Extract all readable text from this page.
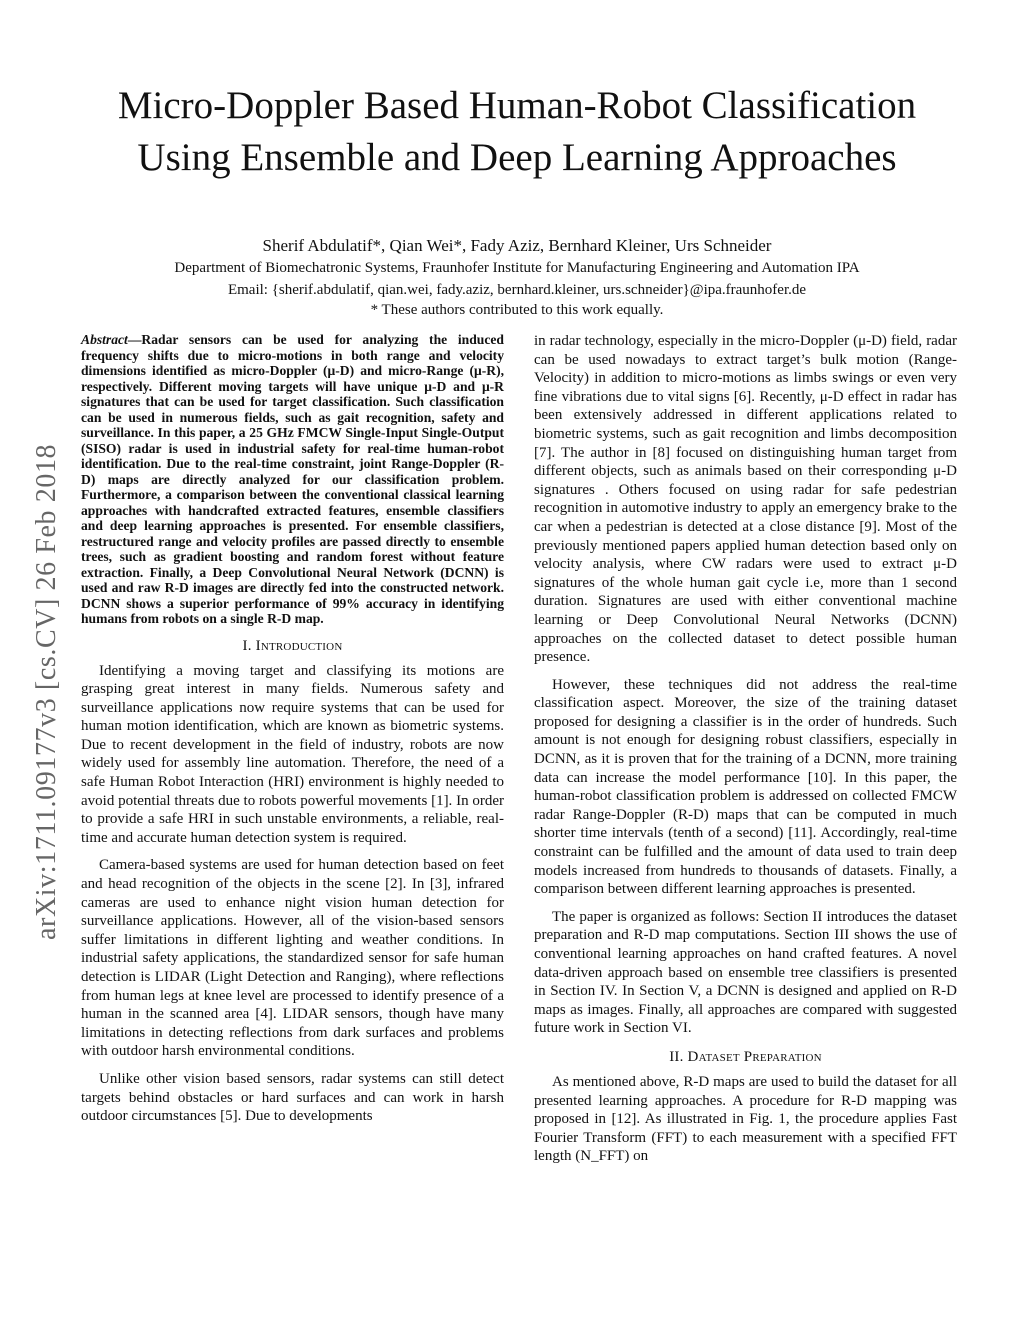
Micro-Doppler Based Human-Robot Classification
Using Ensemble and Deep Learning Approaches

Sherif Abdulatif*, Qian Wei*, Fady Aziz, Bernhard Kleiner, Urs Schneider

Department of Biomechatronic Systems, Fraunhofer Institute for Manufacturing Engineering and Automation IPA

Email: {sherif.abdulatif, qian.wei, fady.aziz, bernhard.kleiner, urs.schneider}@ipa.fraunhofer.de

* These authors contributed to this work equally.

arXiv:1711.09177v3 [cs.CV] 26 Feb 2018

Abstract—Radar sensors can be used for analyzing the induced frequency shifts due to micro-motions in both range and velocity dimensions identified as micro-Doppler (μ-D) and micro-Range (μ-R), respectively. Different moving targets will have unique μ-D and μ-R signatures that can be used for target classification. Such classification can be used in numerous fields, such as gait recognition, safety and surveillance. In this paper, a 25 GHz FMCW Single-Input Single-Output (SISO) radar is used in industrial safety for real-time human-robot identification. Due to the real-time constraint, joint Range-Doppler (R-D) maps are directly analyzed for our classification problem. Furthermore, a comparison between the conventional classical learning approaches with handcrafted extracted features, ensemble classifiers and deep learning approaches is presented. For ensemble classifiers, restructured range and velocity profiles are passed directly to ensemble trees, such as gradient boosting and random forest without feature extraction. Finally, a Deep Convolutional Neural Network (DCNN) is used and raw R-D images are directly fed into the constructed network. DCNN shows a superior performance of 99% accuracy in identifying humans from robots on a single R-D map.

I. Introduction

Identifying a moving target and classifying its motions are grasping great interest in many fields. Numerous safety and surveillance applications now require systems that can be used for human motion identification, which are known as biometric systems. Due to recent development in the field of industry, robots are now widely used for assembly line automation. Therefore, the need of a safe Human Robot Interaction (HRI) environment is highly needed to avoid potential threats due to robots powerful movements [1]. In order to provide a safe HRI in such unstable environments, a reliable, real-time and accurate human detection system is required.

Camera-based systems are used for human detection based on feet and head recognition of the objects in the scene [2]. In [3], infrared cameras are used to enhance night vision human detection for surveillance applications. However, all of the vision-based sensors suffer limitations in different lighting and weather conditions. In industrial safety applications, the standardized sensor for safe human detection is LIDAR (Light Detection and Ranging), where reflections from human legs at knee level are processed to identify presence of a human in the scanned area [4]. LIDAR sensors, though have many limitations in detecting reflections from dark surfaces and problems with outdoor harsh environmental conditions.

Unlike other vision based sensors, radar systems can still detect targets behind obstacles or hard surfaces and can work in harsh outdoor circumstances [5]. Due to developments

in radar technology, especially in the micro-Doppler (μ-D) field, radar can be used nowadays to extract target’s bulk motion (Range-Velocity) in addition to micro-motions as limbs swings or even very fine vibrations due to vital signs [6]. Recently, μ-D effect in radar has been extensively addressed in different applications related to biometric systems, such as gait recognition and limbs decomposition [7]. The author in [8] focused on distinguishing human target from different objects, such as animals based on their corresponding μ-D signatures . Others focused on using radar for safe pedestrian recognition in automotive industry to apply an emergency brake to the car when a pedestrian is detected at a close distance [9]. Most of the previously mentioned papers applied human detection based only on velocity analysis, where CW radars were used to extract μ-D signatures of the whole human gait cycle i.e, more than 1 second duration. Signatures are used with either conventional machine learning or Deep Convolutional Neural Networks (DCNN) approaches on the collected dataset to detect possible human presence.

However, these techniques did not address the real-time classification aspect. Moreover, the size of the training dataset proposed for designing a classifier is in the order of hundreds. Such amount is not enough for designing robust classifiers, especially in DCNN, as it is proven that for the training of a DCNN, more training data can increase the model performance [10]. In this paper, the human-robot classification problem is addressed on collected FMCW radar Range-Doppler (R-D) maps that can be computed in much shorter time intervals (tenth of a second) [11]. Accordingly, real-time constraint can be fulfilled and the amount of data used to train deep models increased from hundreds to thousands of datasets. Finally, a comparison between different learning approaches is presented.

The paper is organized as follows: Section II introduces the dataset preparation and R-D map computations. Section III shows the use of conventional learning approaches on hand crafted features. A novel data-driven approach based on ensemble tree classifiers is presented in Section IV. In Section V, a DCNN is designed and applied on R-D maps as images. Finally, all approaches are compared with suggested future work in Section VI.

II. Dataset Preparation

As mentioned above, R-D maps are used to build the dataset for all presented learning approaches. A procedure for R-D mapping was proposed in [12]. As illustrated in Fig. 1, the procedure applies Fast Fourier Transform (FFT) to each measurement with a specified FFT length (N_FFT) on
